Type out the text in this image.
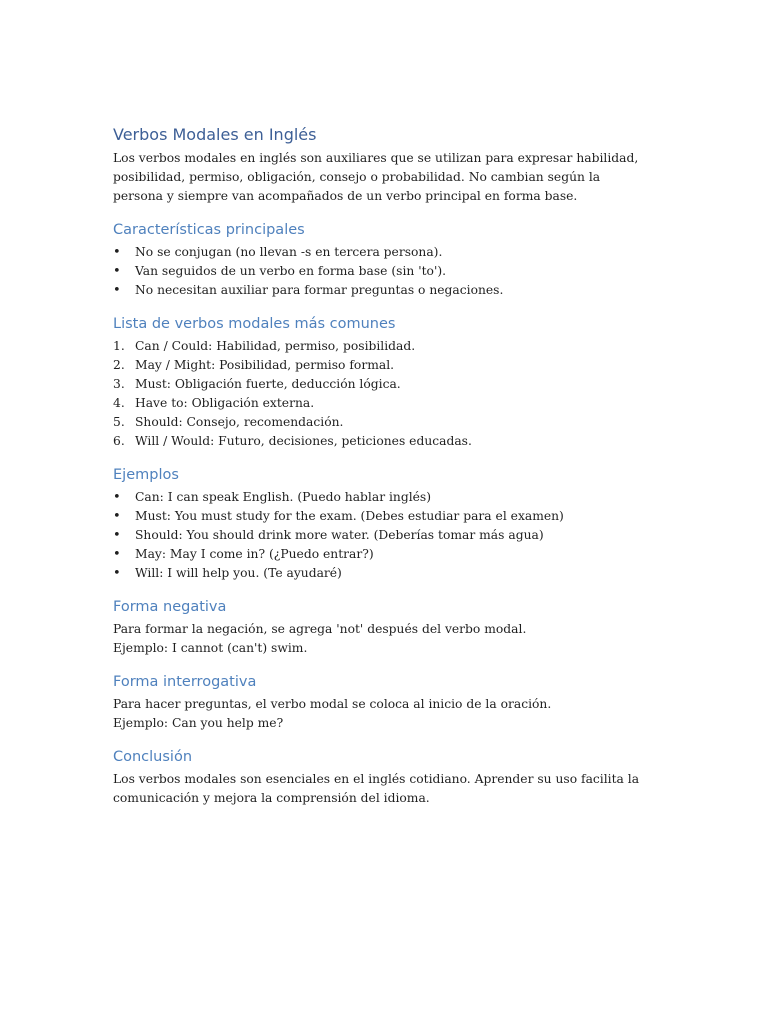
Verbos Modales en Inglés

Los verbos modales en inglés son auxiliares que se utilizan para expresar habilidad, posibilidad, permiso, obligación, consejo o probabilidad. No cambian según la persona y siempre van acompañados de un verbo principal en forma base.

Características principales
•	No se conjugan (no llevan -s en tercera persona).
•	Van seguidos de un verbo en forma base (sin 'to').
•	No necesitan auxiliar para formar preguntas o negaciones.
Lista de verbos modales más comunes
1. Can / Could: Habilidad, permiso, posibilidad.
2. May / Might: Posibilidad, permiso formal.
3. Must: Obligación fuerte, deducción lógica.
4. Have to: Obligación externa.
5. Should: Consejo, recomendación.
6. Will / Would: Futuro, decisiones, peticiones educadas.
Ejemplos
•	Can: I can speak English. (Puedo hablar inglés)
•	Must: You must study for the exam. (Debes estudiar para el examen)
•	Should: You should drink more water. (Deberías tomar más agua)
•	May: May I come in? (¿Puedo entrar?)
•	Will: I will help you. (Te ayudaré)
Forma negativa

Para formar la negación, se agrega 'not' después del verbo modal.

Ejemplo: I cannot (can't) swim.

Forma interrogativa

Para hacer preguntas, el verbo modal se coloca al inicio de la oración.

Ejemplo: Can you help me?

Conclusión

Los verbos modales son esenciales en el inglés cotidiano. Aprender su uso facilita la comunicación y mejora la comprensión del idioma.
